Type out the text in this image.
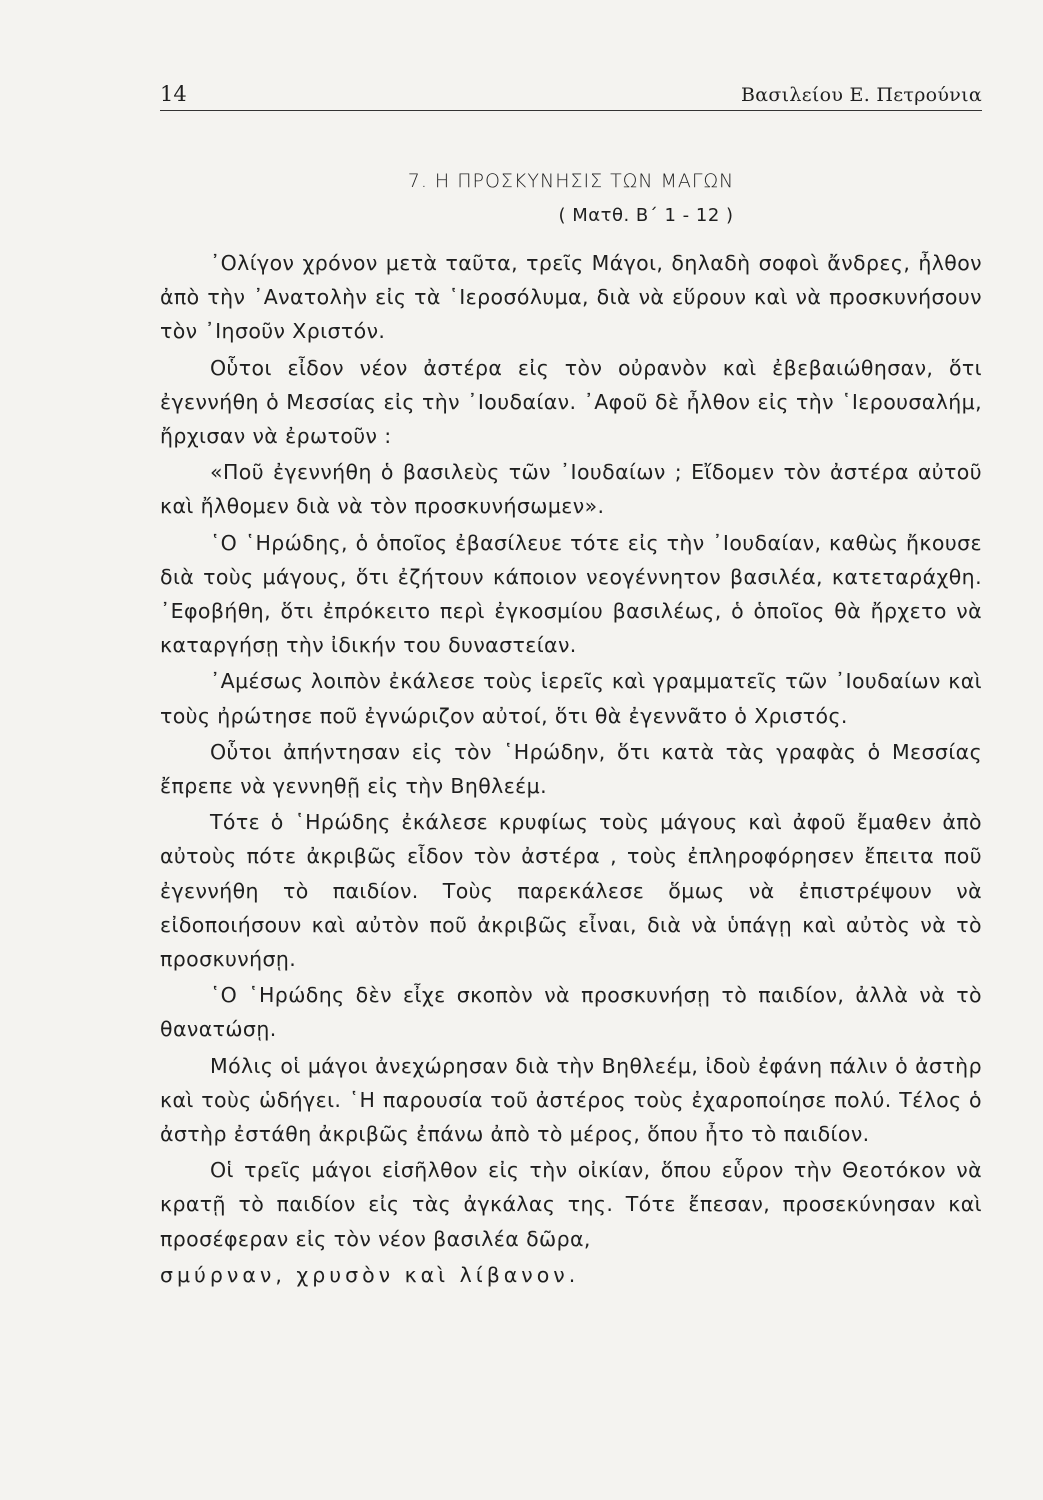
14	Βασιλείου Ε. Πετρούνια
7. Η ΠΡΟΣΚΥΝΗΣΙΣ ΤΩΝ ΜΑΓΩΝ
( Ματθ. Β΄ 1 - 12 )

᾿Ολίγον χρόνον μετὰ ταῦτα, τρεῖς Μάγοι, δηλαδὴ σοφοὶ ἄνδρες, ἦλθον ἀπὸ τὴν ᾿Ανατολὴν εἰς τὰ ῾Ιεροσόλυμα, διὰ νὰ εὕρουν καὶ νὰ προσκυνήσουν τὸν ᾿Ιησοῦν Χριστόν.

Οὗτοι εἶδον νέον ἀστέρα εἰς τὸν οὐρανὸν καὶ ἐβεβαιώθησαν, ὅτι ἐγεννήθη ὁ Μεσσίας εἰς τὴν ᾿Ιουδαίαν. ᾿Αφοῦ δὲ ἦλθον εἰς τὴν ῾Ιερουσαλήμ, ἤρχισαν νὰ ἐρωτοῦν :

«Ποῦ ἐγεννήθη ὁ βασιλεὺς τῶν ᾿Ιουδαίων ; Εἴδομεν τὸν ἀστέρα αὐτοῦ καὶ ἤλθομεν διὰ νὰ τὸν προσκυνήσωμεν».

῾Ο ῾Ηρώδης, ὁ ὁποῖος ἐβασίλευε τότε εἰς τὴν ᾿Ιουδαίαν, καθὼς ἤκουσε διὰ τοὺς μάγους, ὅτι ἐζήτουν κάποιον νεογέννητον βασιλέα, κατεταράχθη. ᾿Εφοβήθη, ὅτι ἐπρόκειτο περὶ ἐγκοσμίου βασιλέως, ὁ ὁποῖος θὰ ἤρχετο νὰ καταργήσῃ τὴν ἰδικήν του δυναστείαν.

᾿Αμέσως λοιπὸν ἐκάλεσε τοὺς ἱερεῖς καὶ γραμματεῖς τῶν ᾿Ιουδαίων καὶ τοὺς ἠρώτησε ποῦ ἐγνώριζον αὐτοί, ὅτι θὰ ἐγεννᾶτο ὁ Χριστός.

Οὗτοι ἀπήντησαν εἰς τὸν ῾Ηρώδην, ὅτι κατὰ τὰς γραφὰς ὁ Μεσσίας ἔπρεπε νὰ γεννηθῇ εἰς τὴν Βηθλεέμ.

Τότε ὁ ῾Ηρώδης ἐκάλεσε κρυφίως τοὺς μάγους καὶ ἀφοῦ ἔμαθεν ἀπὸ αὐτοὺς πότε ἀκριβῶς εἶδον τὸν ἀστέρα , τοὺς ἐπληροφόρησεν ἔπειτα ποῦ ἐγεννήθη τὸ παιδίον. Τοὺς παρεκάλεσε ὅμως νὰ ἐπιστρέψουν νὰ εἰδοποιήσουν καὶ αὐτὸν ποῦ ἀκριβῶς εἶναι, διὰ νὰ ὑπάγῃ καὶ αὐτὸς νὰ τὸ προσκυνήσῃ.

῾Ο ῾Ηρώδης δὲν εἶχε σκοπὸν νὰ προσκυνήσῃ τὸ παιδίον, ἀλλὰ νὰ τὸ θανατώσῃ.

Μόλις οἱ μάγοι ἀνεχώρησαν διὰ τὴν Βηθλεέμ, ἰδοὺ ἐφάνη πάλιν ὁ ἀστὴρ καὶ τοὺς ὡδήγει. ῾Η παρουσία τοῦ ἀστέρος τοὺς ἐχαροποίησε πολύ. Τέλος ὁ ἀστὴρ ἐστάθη ἀκριβῶς ἐπάνω ἀπὸ τὸ μέρος, ὅπου ἦτο τὸ παιδίον.

Οἱ τρεῖς μάγοι εἰσῆλθον εἰς τὴν οἰκίαν, ὅπου εὗρον τὴν Θεοτόκον νὰ κρατῇ τὸ παιδίον εἰς τὰς ἀγκάλας της. Τότε ἔπεσαν, προσεκύνησαν καὶ προσέφεραν εἰς τὸν νέον βασιλέα δῶρα,

σμύρναν, χρυσὸν καὶ λίβανον.
